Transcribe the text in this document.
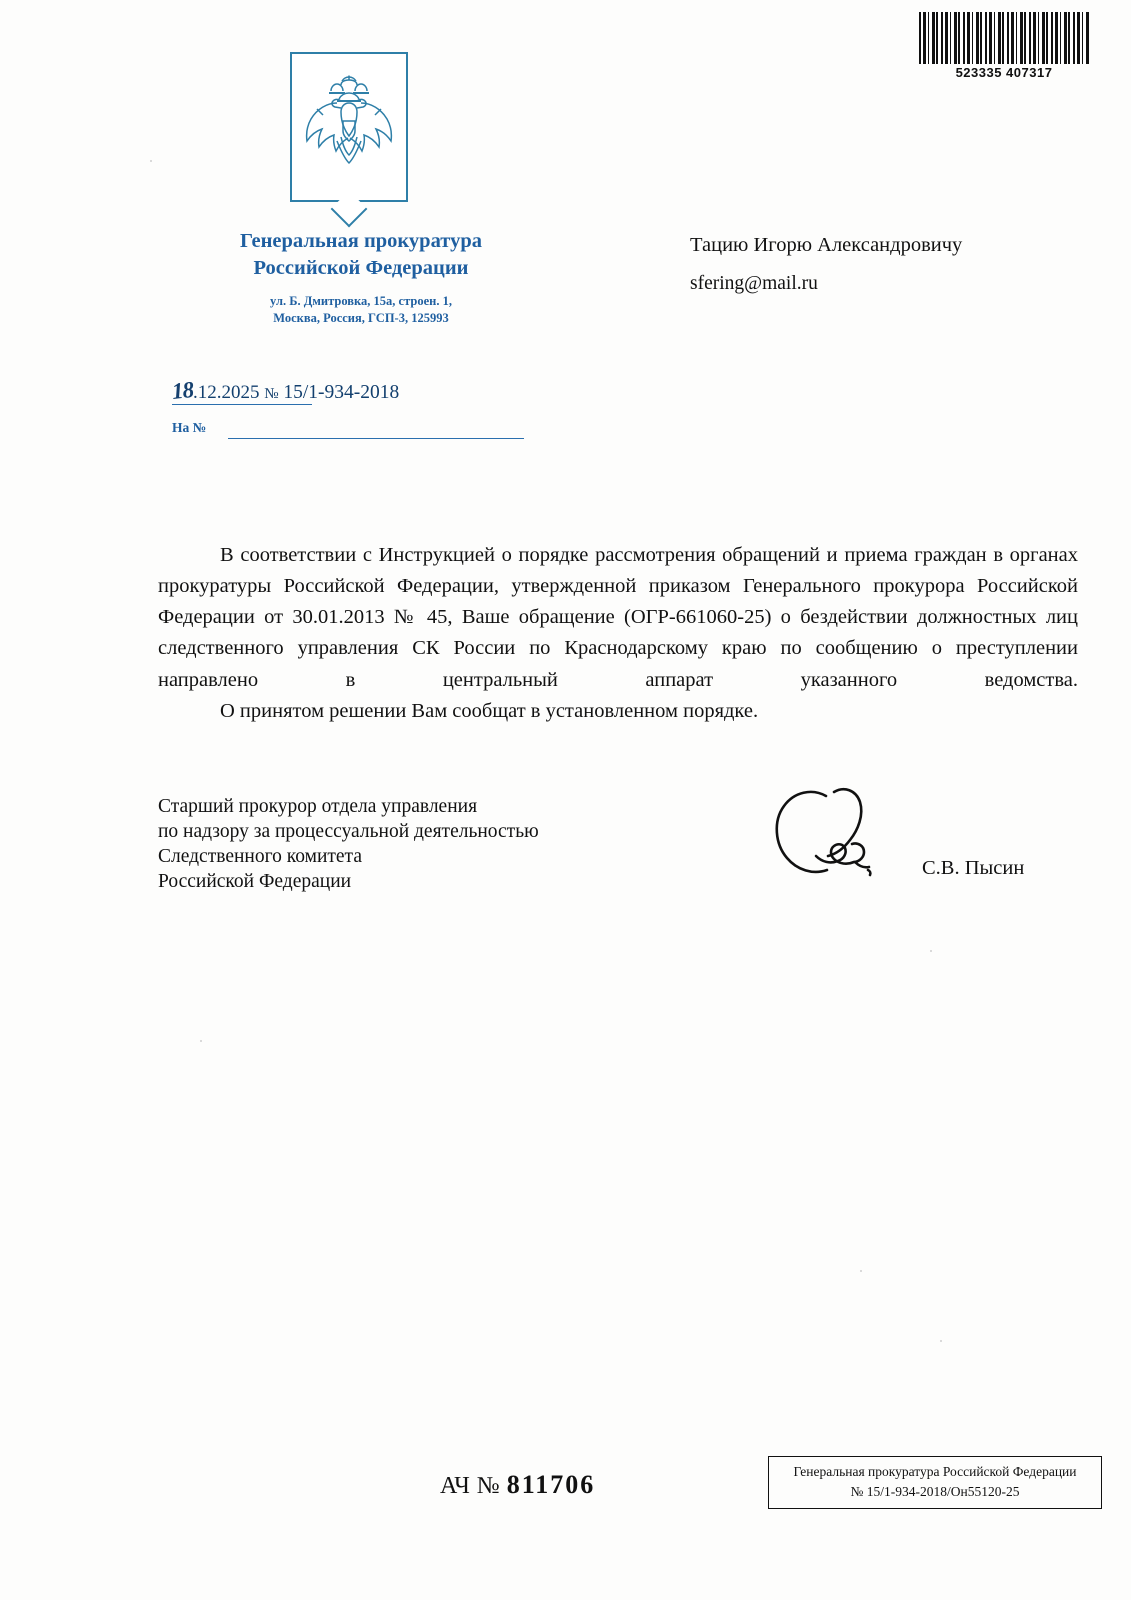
523335 407317
Генеральная прокуратура
Российской Федерации
ул. Б. Дмитровка, 15а, строен. 1,
Москва, Россия, ГСП-3, 125993
18.12.2025 № 15/1-934-2018
На №
Тацию Игорю Александровичу
sfering@mail.ru

В соответствии с Инструкцией о порядке рассмотрения обращений и приема граждан в органах прокуратуры Российской Федерации, утвержденной приказом Генерального прокурора Российской Федерации от 30.01.2013 № 45, Ваше обращение (ОГР-661060-25) о бездействии должностных лиц следственного управления СК России по Краснодарскому краю по сообщению о преступлении направлено в центральный аппарат указанного ведомства.

О принятом решении Вам сообщат в установленном порядке.

Старший прокурор отдела управления
по надзору за процессуальной деятельностью
Следственного комитета
Российской Федерации
С.В. Пысин
АЧ № 811706	Генеральная прокуратура Российской Федерации
№ 15/1-934-2018/Он55120-25
